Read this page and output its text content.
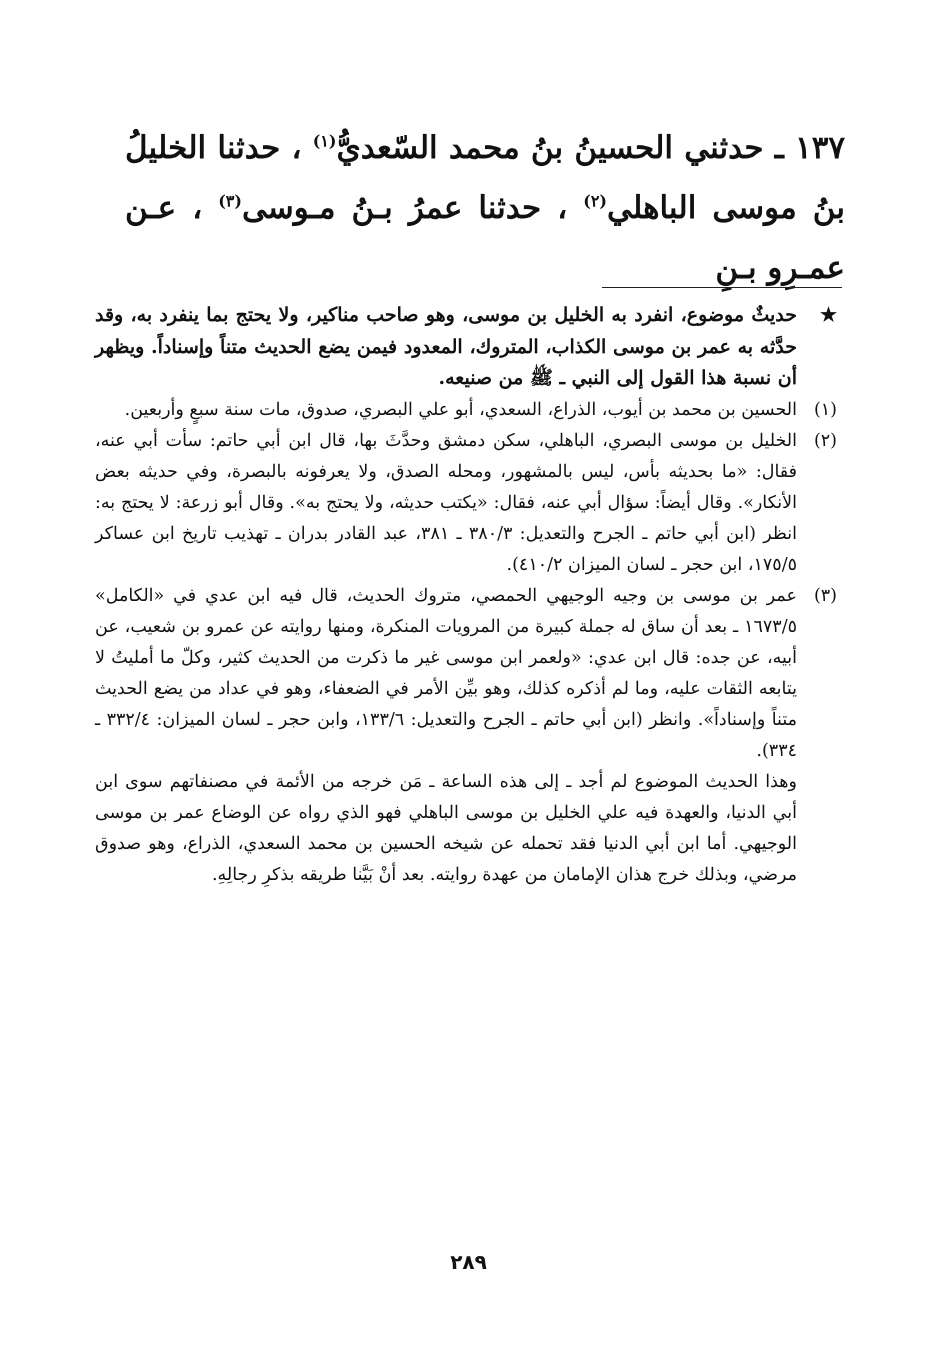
١٣٧ ـ حدثني الحسينُ بنُ محمد السّعديُّ$^{(١)}$ ، حدثنا الخليلُ بنُ موسى الباهلي$^{(٢)}$ ، حدثنا عمرُ بـنُ مـوسى$^{(٣)}$ ، عـن عمـرِو بـنِ
★
حديثٌ موضوع، انفرد به الخليل بن موسى، وهو صاحب مناكير، ولا يحتج بما ينفرد به، وقد حدَّثه به عمر بن موسى الكذاب، المتروك، المعدود فيمن يضع الحديث متناً وإسناداً. ويظهر أن نسبة هذا القول إلى النبي ـ ﷺ من صنيعه.
(١)
الحسين بن محمد بن أيوب، الذراع، السعدي، أبو علي البصري، صدوق، مات سنة سبعٍ وأربعين.
(٢)
الخليل بن موسى البصري، الباهلي، سكن دمشق وحدَّثَ بها، قال ابن أبي حاتم: سأت أبي عنه، فقال: «ما بحديثه بأس، ليس بالمشهور، ومحله الصدق، ولا يعرفونه بالبصرة، وفي حديثه بعض الأنكار». وقال أيضاً: سؤال أبي عنه، فقال: «يكتب حديثه، ولا يحتج به». وقال أبو زرعة: لا يحتج به: انظر (ابن أبي حاتم ـ الجرح والتعديل: ٣٨٠/٣ ـ ٣٨١، عبد القادر بدران ـ تهذيب تاريخ ابن عساكر ١٧٥/٥، ابن حجر ـ لسان الميزان ٤١٠/٢).
(٣)
عمر بن موسى بن وجيه الوجيهي الحمصي، متروك الحديث، قال فيه ابن عدي في «الكامل» ١٦٧٣/٥ ـ بعد أن ساق له جملة كبيرة من المرويات المنكرة، ومنها روايته عن عمرو بن شعيب، عن أبيه، عن جده: قال ابن عدي: «ولعمر ابن موسى غير ما ذكرت من الحديث كثير، وكلّ ما أمليتُ لا يتابعه الثقات عليه، وما لم أذكره كذلك، وهو بيِّن الأمر في الضعفاء، وهو في عداد من يضع الحديث متناً وإسناداً». وانظر (ابن أبي حاتم ـ الجرح والتعديل: ١٣٣/٦، وابن حجر ـ لسان الميزان: ٣٣٢/٤ ـ ٣٣٤).
وهذا الحديث الموضوع لم أجد ـ إلى هذه الساعة ـ مَن خرجه من الأئمة في مصنفاتهم سوى ابن أبي الدنيا، والعهدة فيه علي الخليل بن موسى الباهلي فهو الذي رواه عن الوضاع عمر بن موسى الوجيهي. أما ابن أبي الدنيا فقد تحمله عن شيخه الحسين بن محمد السعدي، الذراع، وهو صدوق مرضي، وبذلك خرج هذان الإمامان من عهدة روايته. بعد أنْ بَيَّنا طريقه بذكرِ رجالِهِ.
٢٨٩
